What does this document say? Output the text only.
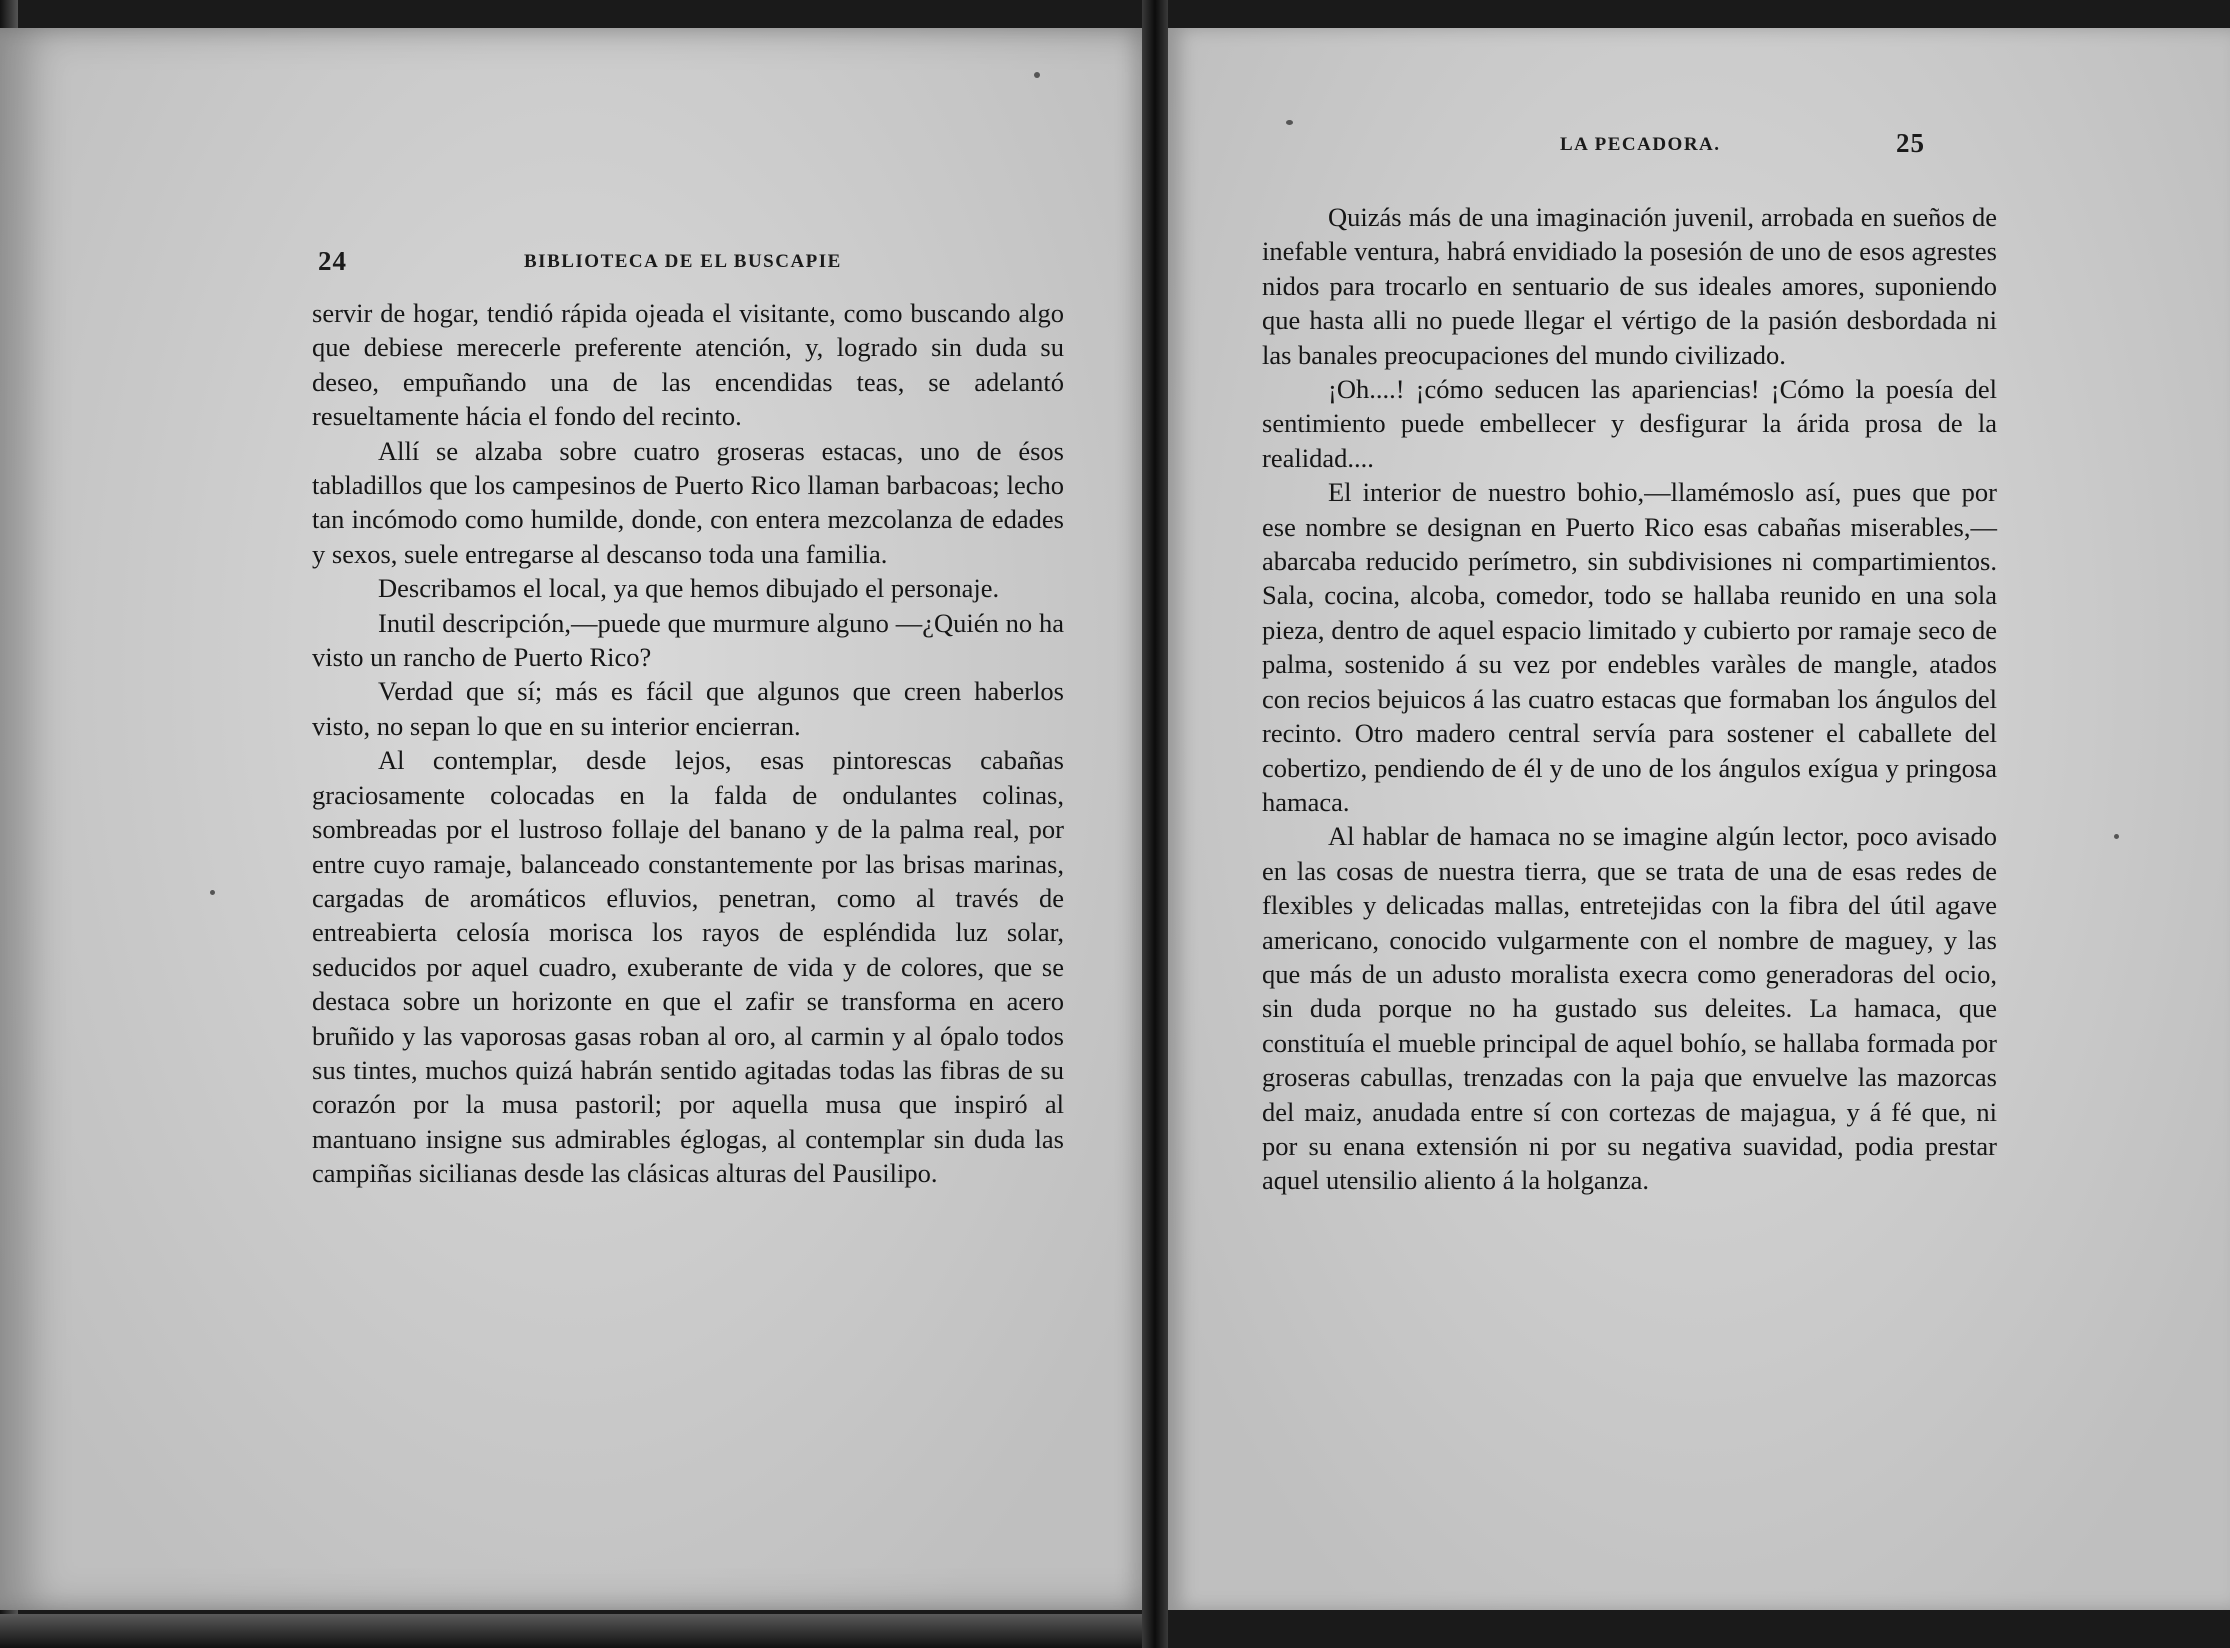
24	BIBLIOTECA DE EL BUSCAPIE

servir de hogar, tendió rápida ojeada el visitante, como buscando algo que debiese merecerle preferente atención, y, logrado sin duda su deseo, empuñando una de las encendidas teas, se adelantó resueltamente hácia el fondo del recinto.

Allí se alzaba sobre cuatro groseras estacas, uno de ésos tabladillos que los campesinos de Puerto Rico llaman barbacoas; lecho tan incómodo como humilde, donde, con entera mezcolanza de edades y sexos, suele entregarse al descanso toda una familia.

Describamos el local, ya que hemos dibujado el personaje.

Inutil descripción,—puede que murmure alguno —¿Quién no ha visto un rancho de Puerto Rico?

Verdad que sí; más es fácil que algunos que creen haberlos visto, no sepan lo que en su interior encierran.

Al contemplar, desde lejos, esas pintorescas cabañas graciosamente colocadas en la falda de ondulantes colinas, sombreadas por el lustroso follaje del banano y de la palma real, por entre cuyo ramaje, balanceado constantemente por las brisas marinas, cargadas de aromáticos efluvios, penetran, como al través de entreabierta celosía morisca los rayos de espléndida luz solar, seducidos por aquel cuadro, exuberante de vida y de colores, que se destaca sobre un horizonte en que el zafir se transforma en acero bruñido y las vaporosas gasas roban al oro, al carmin y al ópalo todos sus tintes, muchos quizá habrán sentido agitadas todas las fibras de su corazón por la musa pastoril; por aquella musa que inspiró al mantuano insigne sus admirables églogas, al contemplar sin duda las campiñas sicilianas desde las clásicas alturas del Pausilipo.

LA PECADORA.	25

Quizás más de una imaginación juvenil, arrobada en sueños de inefable ventura, habrá envidiado la posesión de uno de esos agrestes nidos para trocarlo en sentuario de sus ideales amores, suponiendo que hasta alli no puede llegar el vértigo de la pasión desbordada ni las banales preocupaciones del mundo civilizado.

¡Oh....! ¡cómo seducen las apariencias! ¡Cómo la poesía del sentimiento puede embellecer y desfigurar la árida prosa de la realidad....

El interior de nuestro bohio,—llamémoslo así, pues que por ese nombre se designan en Puerto Rico esas cabañas miserables,—abarcaba reducido perímetro, sin subdivisiones ni compartimientos. Sala, cocina, alcoba, comedor, todo se hallaba reunido en una sola pieza, dentro de aquel espacio limitado y cubierto por ramaje seco de palma, sostenido á su vez por endebles varàles de mangle, atados con recios bejuicos á las cuatro estacas que formaban los ángulos del recinto. Otro madero central servía para sostener el caballete del cobertizo, pendiendo de él y de uno de los ángulos exígua y pringosa hamaca.

Al hablar de hamaca no se imagine algún lector, poco avisado en las cosas de nuestra tierra, que se trata de una de esas redes de flexibles y delicadas mallas, entretejidas con la fibra del útil agave americano, conocido vulgarmente con el nombre de maguey, y las que más de un adusto moralista execra como generadoras del ocio, sin duda porque no ha gustado sus deleites. La hamaca, que constituía el mueble principal de aquel bohío, se hallaba formada por groseras cabullas, trenzadas con la paja que envuelve las mazorcas del maiz, anudada entre sí con cortezas de majagua, y á fé que, ni por su enana extensión ni por su negativa suavidad, podia prestar aquel utensilio aliento á la holganza.
